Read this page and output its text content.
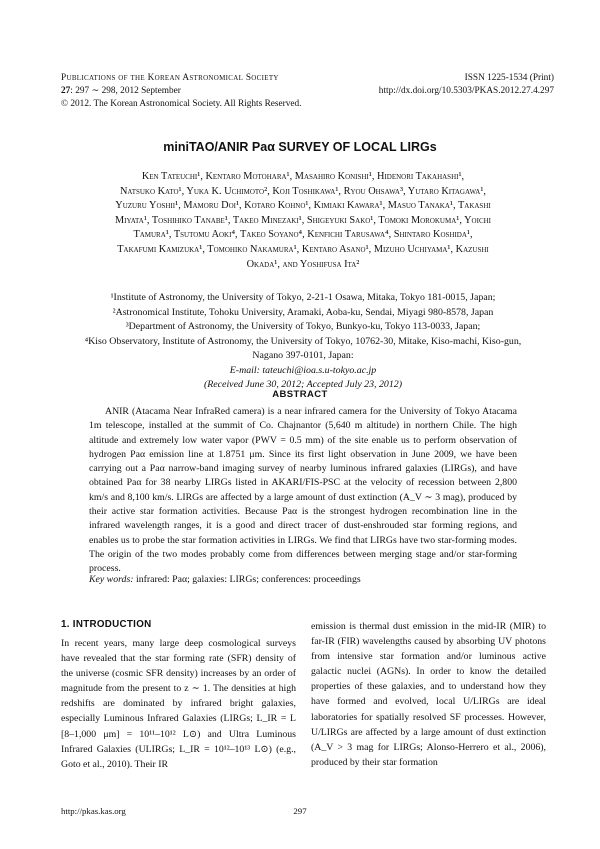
Publications of the Korean Astronomical Society
27: 297 ∼ 298, 2012 September
© 2012. The Korean Astronomical Society. All Rights Reserved.
ISSN 1225-1534 (Print)
http://dx.doi.org/10.5303/PKAS.2012.27.4.297
miniTAO/ANIR Paα SURVEY OF LOCAL LIRGs
Ken Tateuchi¹, Kentaro Motohara¹, Masahiro Konishi¹, Hidenori Takahashi¹,
Natsuko Kato¹, Yuka K. Uchimoto², Koji Toshikawa¹, Ryou Ohsawa³, Yutaro Kitagawa¹,
Yuzuru Yoshii¹, Mamoru Doi¹, Kotaro Kohno¹, Kimiaki Kawara¹, Masuo Tanaka¹, Takashi
Miyata¹, Toshihiko Tanabe¹, Takeo Minezaki¹, Shigeyuki Sako¹, Tomoki Morokuma¹, Yoichi
Tamura¹, Tsutomu Aoki⁴, Takeo Soyano⁴, Kenfichi Tarusawa⁴, Shintaro Koshida¹,
Takafumi Kamizuka¹, Tomohiko Nakamura¹, Kentaro Asano¹, Mizuho Uchiyama¹, Kazushi
Okada¹, and Yoshifusa Ita²
¹Institute of Astronomy, the University of Tokyo, 2-21-1 Osawa, Mitaka, Tokyo 181-0015, Japan;
²Astronomical Institute, Tohoku University, Aramaki, Aoba-ku, Sendai, Miyagi 980-8578, Japan
³Department of Astronomy, the University of Tokyo, Bunkyo-ku, Tokyo 113-0033, Japan;
⁴Kiso Observatory, Institute of Astronomy, the University of Tokyo, 10762-30, Mitake, Kiso-machi, Kiso-gun,
Nagano 397-0101, Japan:
E-mail: tateuchi@ioa.s.u-tokyo.ac.jp
(Received June 30, 2012; Accepted July 23, 2012)
ABSTRACT
ANIR (Atacama Near InfraRed camera) is a near infrared camera for the University of Tokyo Atacama 1m telescope, installed at the summit of Co. Chajnantor (5,640 m altitude) in northern Chile. The high altitude and extremely low water vapor (PWV = 0.5 mm) of the site enable us to perform observation of hydrogen Paα emission line at 1.8751 μm. Since its first light observation in June 2009, we have been carrying out a Paα narrow-band imaging survey of nearby luminous infrared galaxies (LIRGs), and have obtained Paα for 38 nearby LIRGs listed in AKARI/FIS-PSC at the velocity of recession between 2,800 km/s and 8,100 km/s. LIRGs are affected by a large amount of dust extinction (A_V ∼ 3 mag), produced by their active star formation activities. Because Paα is the strongest hydrogen recombination line in the infrared wavelength ranges, it is a good and direct tracer of dust-enshrouded star forming regions, and enables us to probe the star formation activities in LIRGs. We find that LIRGs have two star-forming modes. The origin of the two modes probably come from differences between merging stage and/or star-forming process.
Key words: infrared: Paα; galaxies: LIRGs; conferences: proceedings
1. INTRODUCTION
In recent years, many large deep cosmological surveys have revealed that the star forming rate (SFR) density of the universe (cosmic SFR density) increases by an order of magnitude from the present to z ∼ 1. The densities at high redshifts are dominated by infrared bright galaxies, especially Luminous Infrared Galaxies (LIRGs; L_IR = L [8–1,000 μm] = 10¹¹–10¹² L⊙) and Ultra Luminous Infrared Galaxies (ULIRGs; L_IR = 10¹²–10¹³ L⊙) (e.g., Goto et al., 2010). Their IR
emission is thermal dust emission in the mid-IR (MIR) to far-IR (FIR) wavelengths caused by absorbing UV photons from intensive star formation and/or luminous active galactic nuclei (AGNs). In order to know the detailed properties of these galaxies, and to understand how they have formed and evolved, local U/LIRGs are ideal laboratories for spatially resolved SF processes. However, U/LIRGs are affected by a large amount of dust extinction (A_V > 3 mag for LIRGs; Alonso-Herrero et al., 2006), produced by their star formation
http://pkas.kas.org	297
